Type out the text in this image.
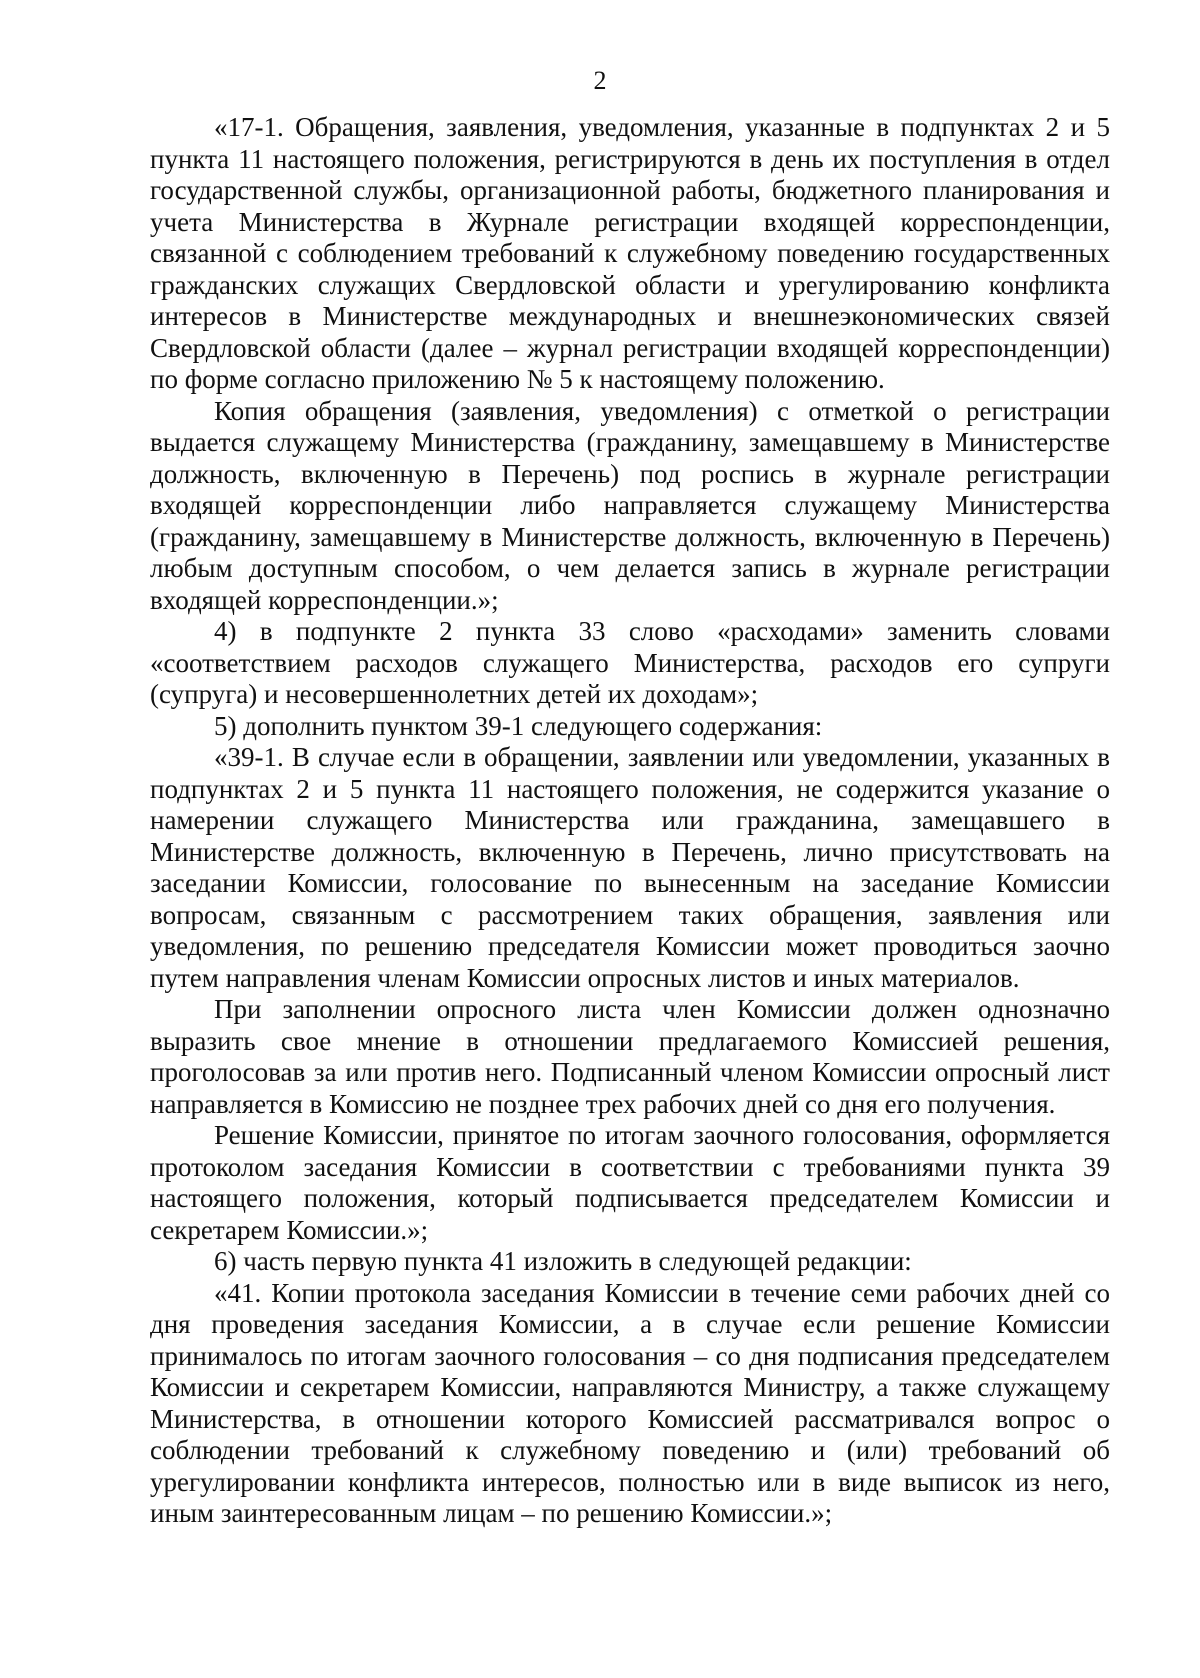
2

«17-1. Обращения, заявления, уведомления, указанные в подпунктах 2 и 5 пункта 11 настоящего положения, регистрируются в день их поступления в отдел государственной службы, организационной работы, бюджетного планирования и учета Министерства в Журнале регистрации входящей корреспонденции, связанной с соблюдением требований к служебному поведению государственных гражданских служащих Свердловской области и урегулированию конфликта интересов в Министерстве международных и внешнеэкономических связей Свердловской области (далее – журнал регистрации входящей корреспонденции) по форме согласно приложению № 5 к настоящему положению.

Копия обращения (заявления, уведомления) с отметкой о регистрации выдается служащему Министерства (гражданину, замещавшему в Министерстве должность, включенную в Перечень) под роспись в журнале регистрации входящей корреспонденции либо направляется служащему Министерства (гражданину, замещавшему в Министерстве должность, включенную в Перечень) любым доступным способом, о чем делается запись в журнале регистрации входящей корреспонденции.»;

4) в подпункте 2 пункта 33 слово «расходами» заменить словами «соответствием расходов служащего Министерства, расходов его супруги (супруга) и несовершеннолетних детей их доходам»;

5) дополнить пунктом 39-1 следующего содержания:

«39-1. В случае если в обращении, заявлении или уведомлении, указанных в подпунктах 2 и 5 пункта 11 настоящего положения, не содержится указание о намерении служащего Министерства или гражданина, замещавшего в Министерстве должность, включенную в Перечень, лично присутствовать на заседании Комиссии, голосование по вынесенным на заседание Комиссии вопросам, связанным с рассмотрением таких обращения, заявления или уведомления, по решению председателя Комиссии может проводиться заочно путем направления членам Комиссии опросных листов и иных материалов.

При заполнении опросного листа член Комиссии должен однозначно выразить свое мнение в отношении предлагаемого Комиссией решения, проголосовав за или против него. Подписанный членом Комиссии опросный лист направляется в Комиссию не позднее трех рабочих дней со дня его получения.

Решение Комиссии, принятое по итогам заочного голосования, оформляется протоколом заседания Комиссии в соответствии с требованиями пункта 39 настоящего положения, который подписывается председателем Комиссии и секретарем Комиссии.»;

6) часть первую пункта 41 изложить в следующей редакции:

«41. Копии протокола заседания Комиссии в течение семи рабочих дней со дня проведения заседания Комиссии, а в случае если решение Комиссии принималось по итогам заочного голосования – со дня подписания председателем Комиссии и секретарем Комиссии, направляются Министру, а также служащему Министерства, в отношении которого Комиссией рассматривался вопрос о соблюдении требований к служебному поведению и (или) требований об урегулировании конфликта интересов, полностью или в виде выписок из него, иным заинтересованным лицам – по решению Комиссии.»;
